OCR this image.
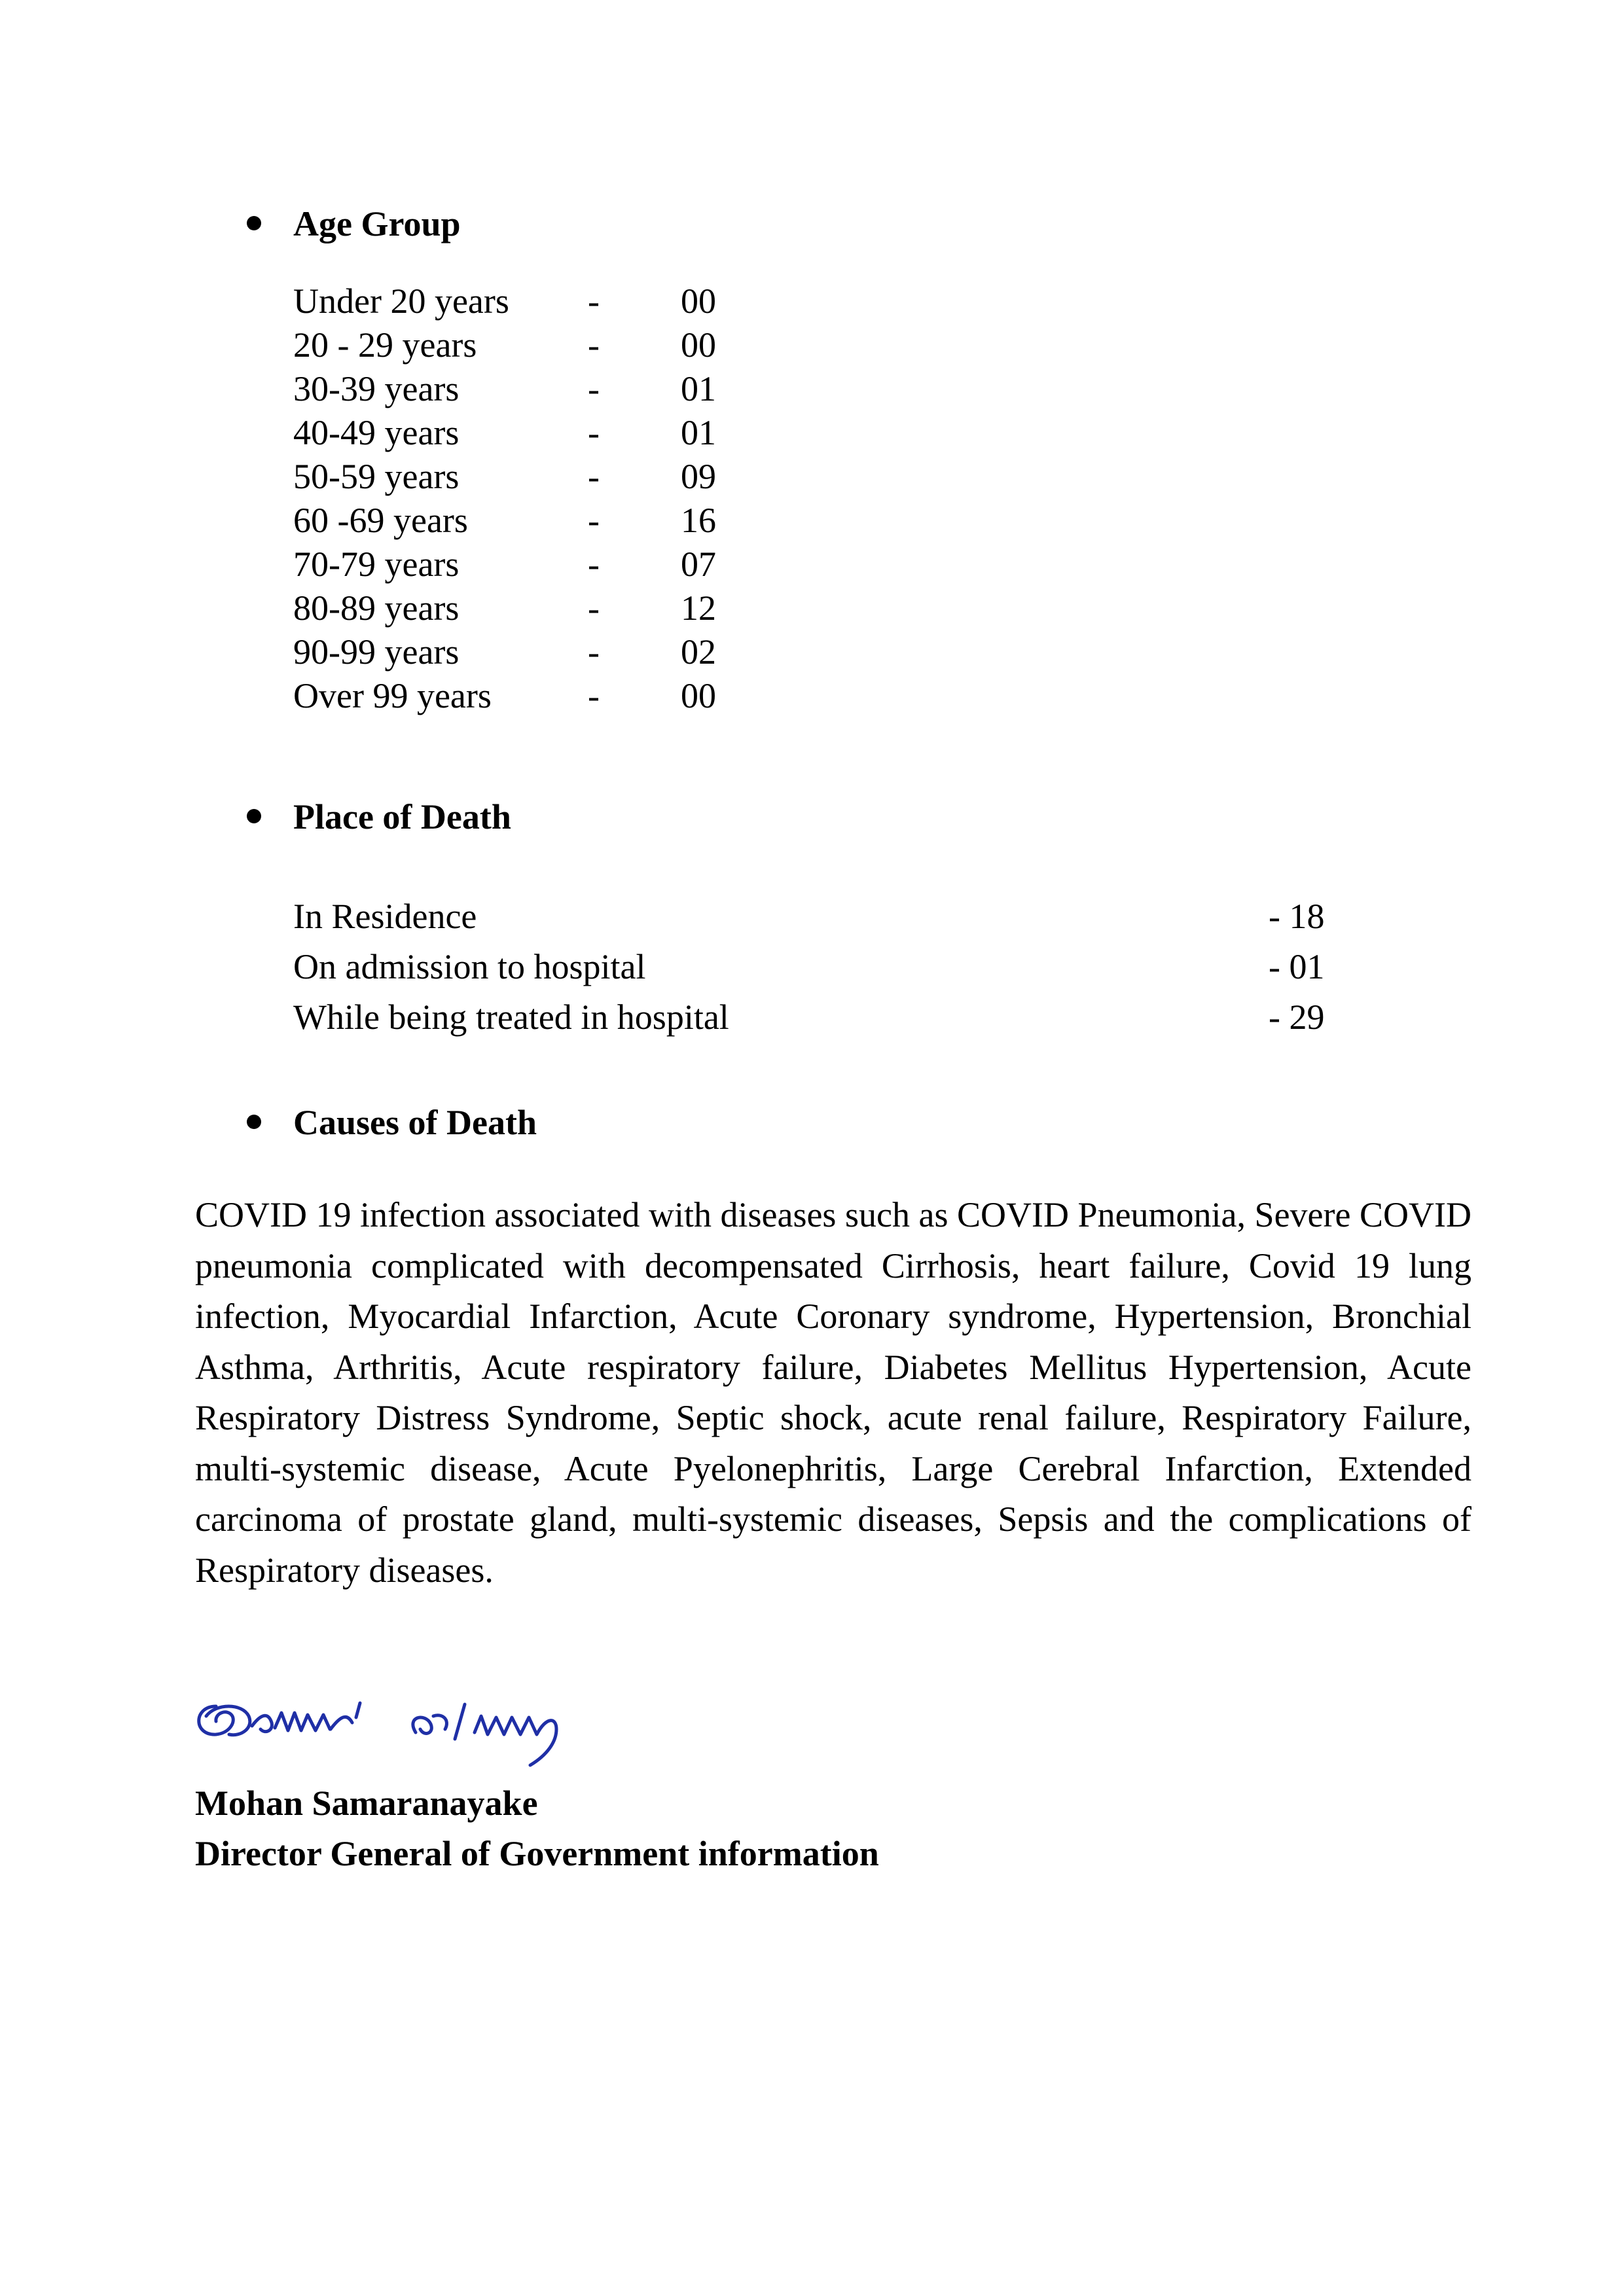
Age Group
Under 20 years - 00
20 - 29 years	- 00
30-39 years	- 01
40-49 years	- 01
50-59 years	- 09
60 -69 years	- 16
70-79 years	- 07
80-89 years	- 12
90-99 years	- 02
Over 99 years	- 00
Place of Death
In Residence	- 18
On admission to hospital	- 01
While being treated in hospital	- 29
Causes of Death
COVID 19 infection associated with diseases such as COVID Pneumonia, Severe COVID pneumonia complicated with decompensated Cirrhosis, heart failure, Covid 19 lung infection, Myocardial Infarction, Acute Coronary syndrome, Hypertension, Bronchial Asthma, Arthritis, Acute respiratory failure, Diabetes Mellitus Hypertension, Acute Respiratory Distress Syndrome, Septic shock, acute renal failure, Respiratory Failure, multi-systemic disease, Acute Pyelonephritis, Large Cerebral Infarction, Extended carcinoma of prostate gland, multi-systemic diseases, Sepsis and the complications of Respiratory diseases.
Mohan Samaranayake
Director General of Government information
